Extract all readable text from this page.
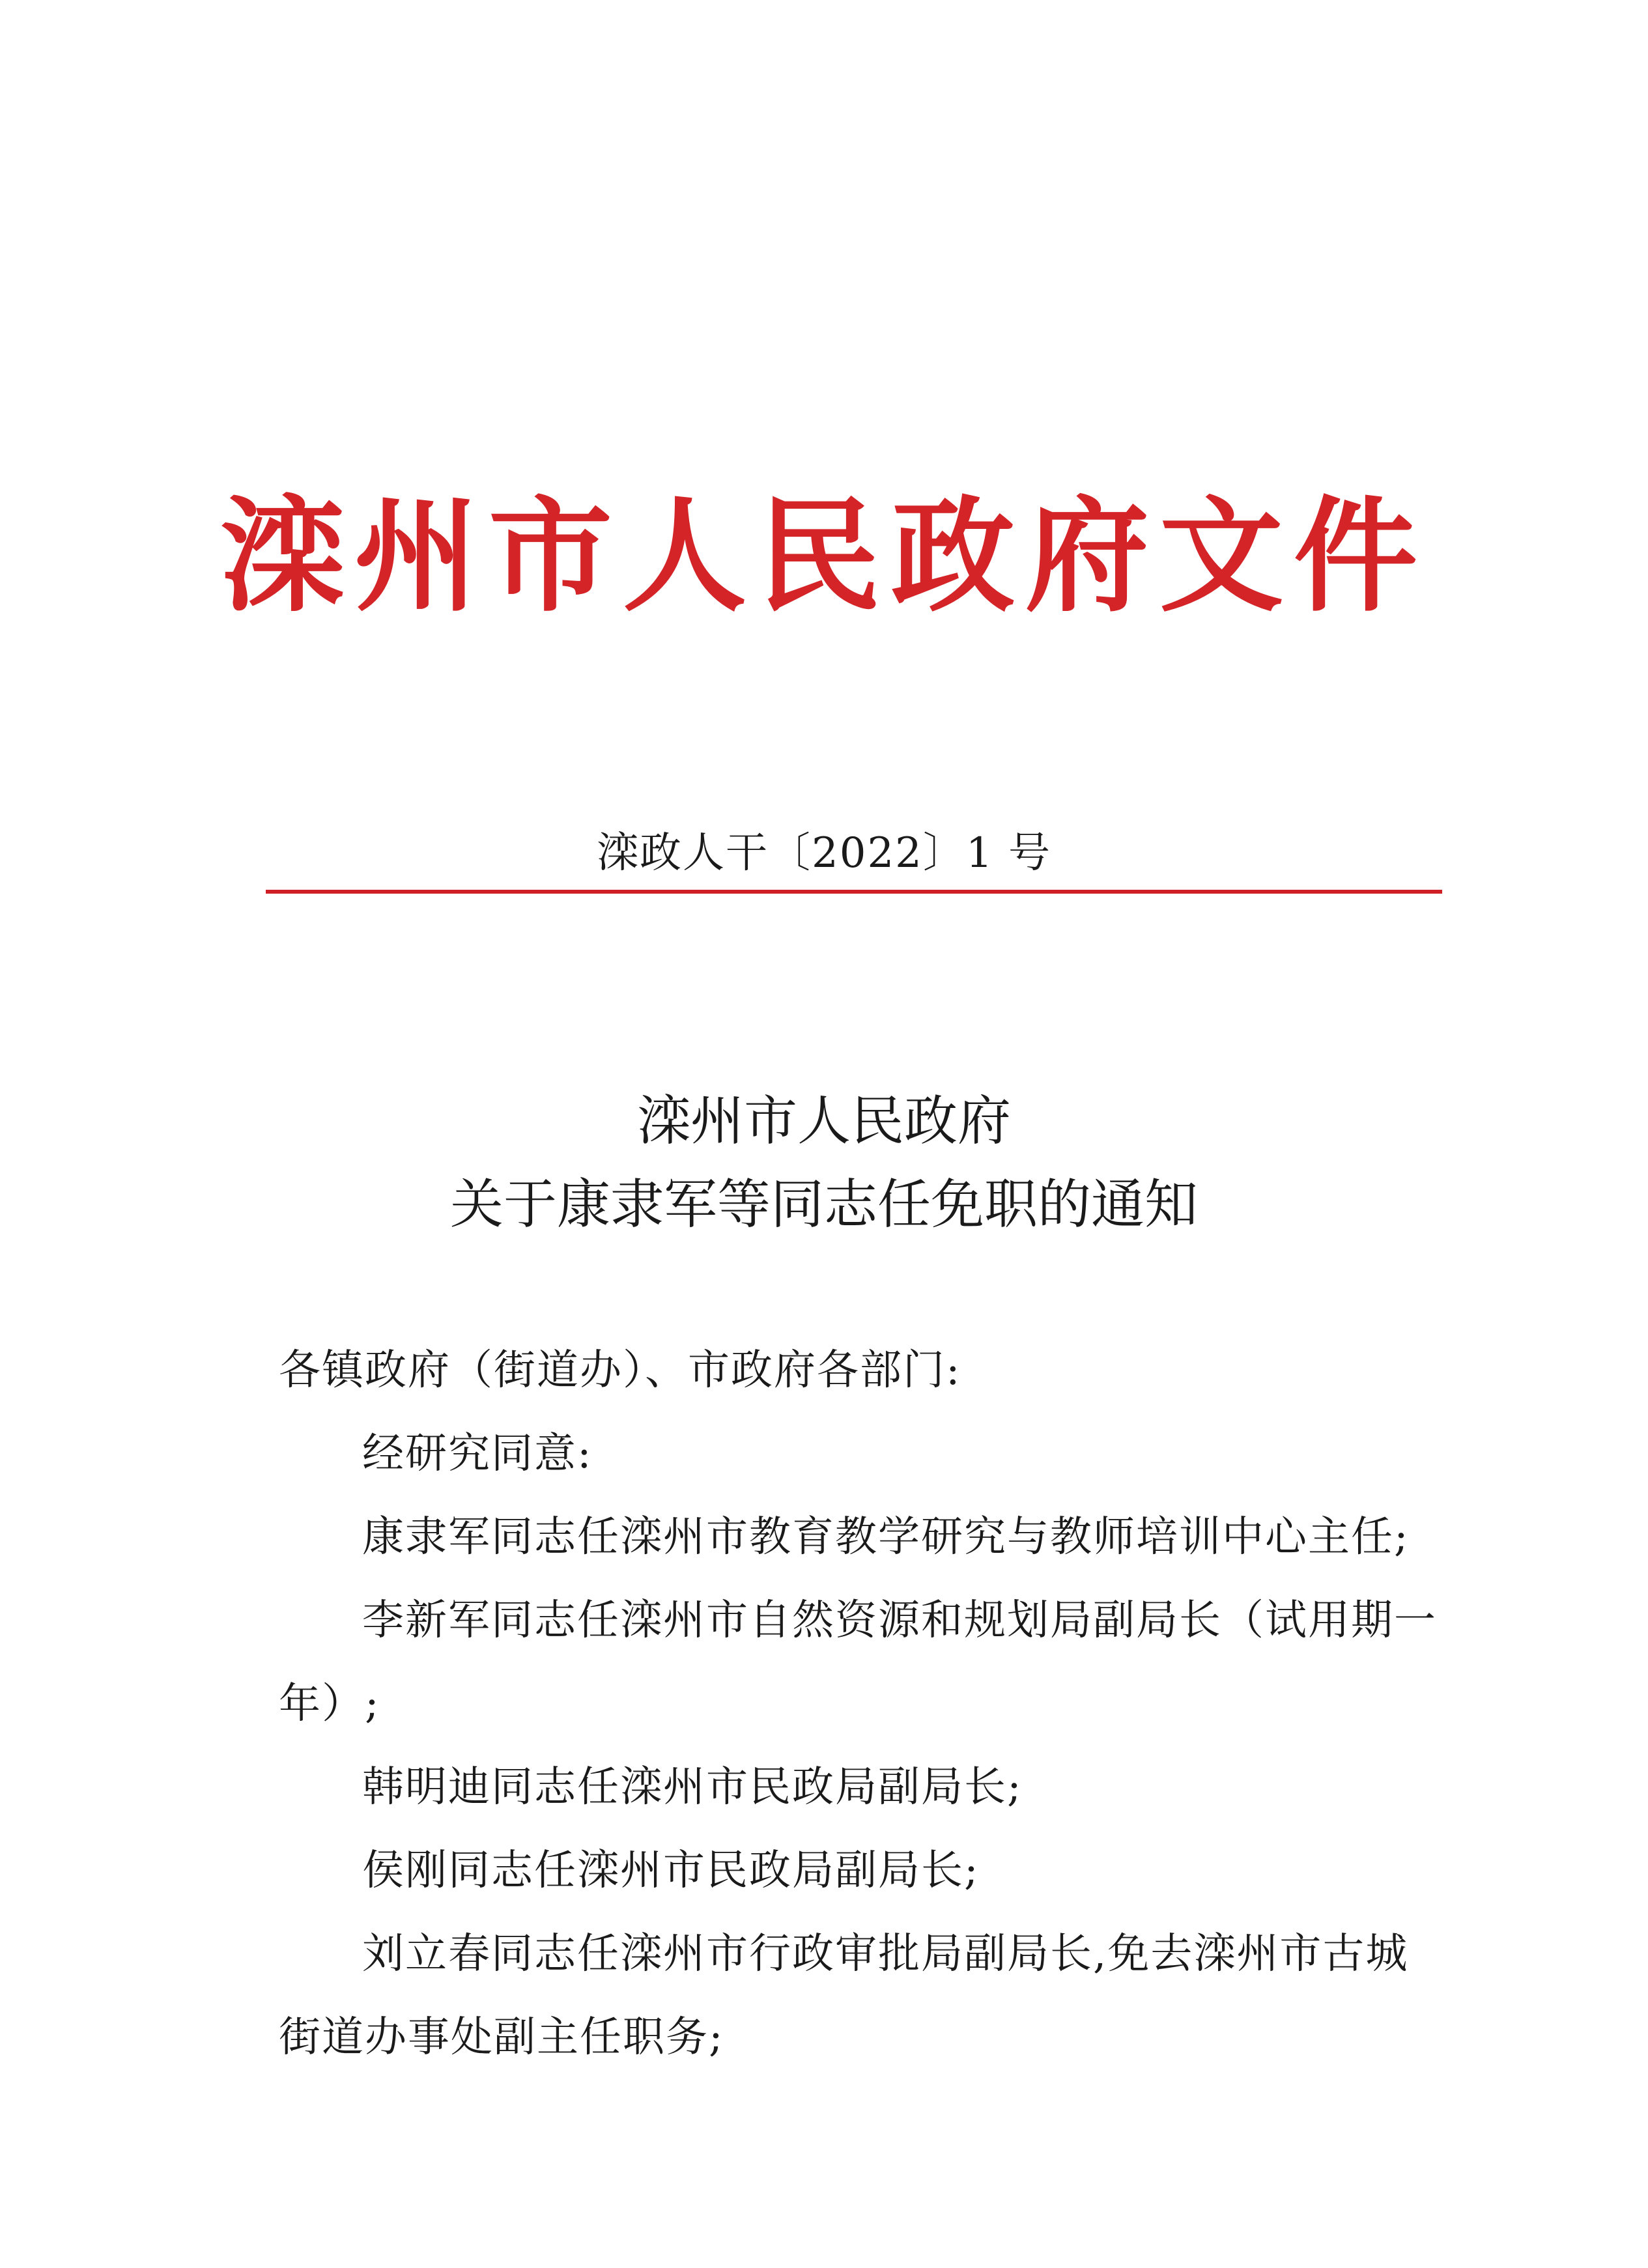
滦州市人民政府文件
滦政人干〔2022〕1 号
滦州市人民政府
关于康隶军等同志任免职的通知

各镇政府（街道办）、市政府各部门:

经研究同意:

康隶军同志任滦州市教育教学研究与教师培训中心主任;

李新军同志任滦州市自然资源和规划局副局长（试用期一年）;

韩明迪同志任滦州市民政局副局长;

侯刚同志任滦州市民政局副局长;

刘立春同志任滦州市行政审批局副局长,免去滦州市古城街道办事处副主任职务;
